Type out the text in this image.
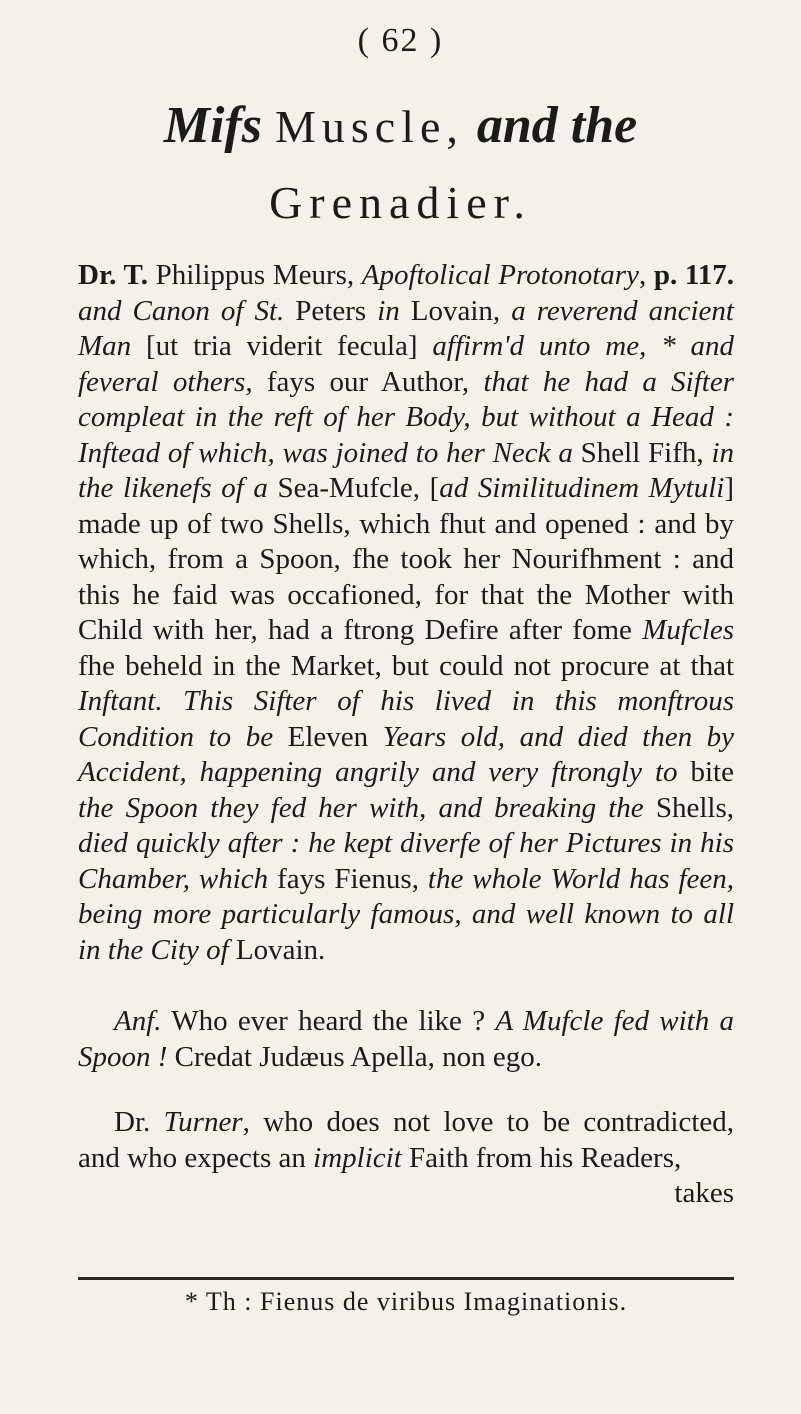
( 62 )
Mifs Muscle, and the
Grenadier.

Dr. T. Philippus Meurs, Apoftolical Protonotary, p. 117. and Canon of St. Peters in Lovain, a reverend ancient Man [ut tria viderit fecula] affirm'd unto me, * and feveral others, fays our Author, that he had a Sifter compleat in the reft of her Body, but without a Head : Inftead of which, was joined to her Neck a Shell Fifh, in the likenefs of a Sea-Mufcle, [ad Similitudinem Mytuli] made up of two Shells, which fhut and opened : and by which, from a Spoon, fhe took her Nourifhment : and this he faid was occafioned, for that the Mother with Child with her, had a ftrong Defire after fome Mufcles fhe beheld in the Market, but could not procure at that Inftant. This Sifter of his lived in this monftrous Condition to be Eleven Years old, and died then by Accident, happening angrily and very ftrongly to bite the Spoon they fed her with, and breaking the Shells, died quickly after : he kept diverfe of her Pictures in his Chamber, which fays Fienus, the whole World has feen, being more particularly famous, and well known to all in the City of Lovain.

Anf. Who ever heard the like ? A Mufcle fed with a Spoon ! Credat Judæus Apella, non ego.

Dr. Turner, who does not love to be contradicted, and who expects an implicit Faith from his Readers,

takes

* Th : Fienus de viribus Imaginationis.
